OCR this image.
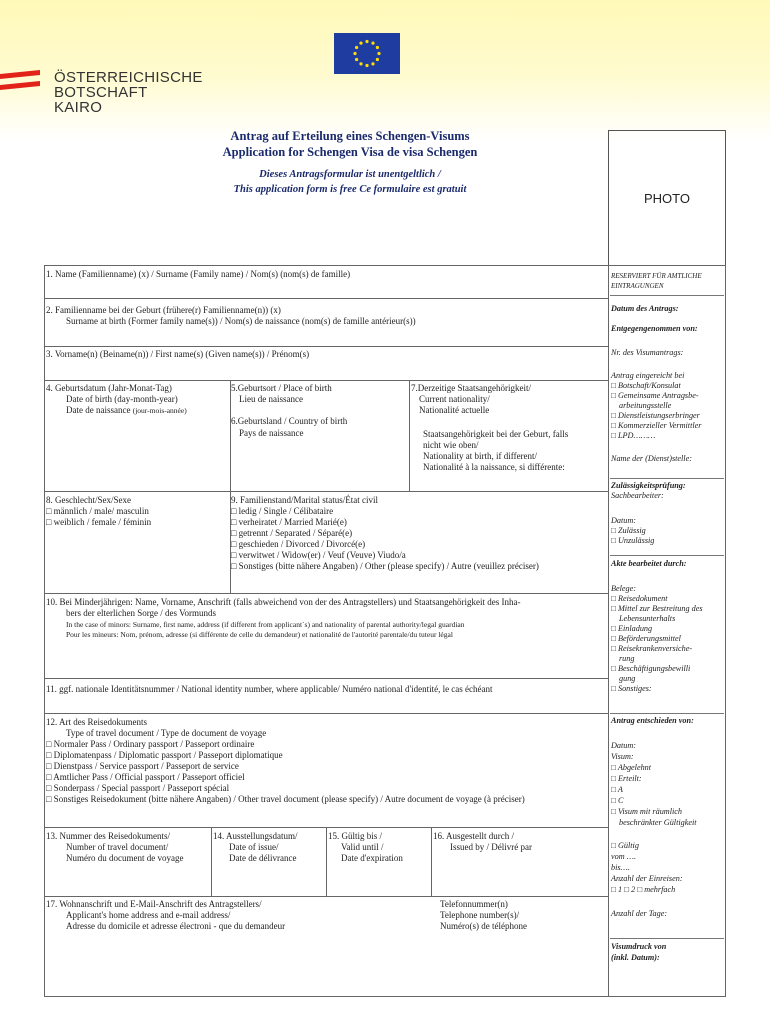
ÖSTERREICHISCHE
BOTSCHAFT
KAIRO
Antrag auf Erteilung eines Schengen-Visums
Application for Schengen Visa de visa Schengen
Dieses Antragsformular ist unentgeltlich /
This application form is free Ce formulaire est gratuit
PHOTO
1. Name (Familienname) (x) / Surname (Family name) / Nom(s) (nom(s) de famille)
2. Familienname bei der Geburt (frühere(r) Familienname(n)) (x)
Surname at birth (Former family name(s)) / Nom(s) de naissance (nom(s) de famille antérieur(s))
3. Vorname(n) (Beiname(n)) / First name(s) (Given name(s)) / Prénom(s)
4. Geburtsdatum (Jahr-Monat-Tag)
Date of birth (day-month-year)
Date de naissance (jour-mois-année)
5.Geburtsort / Place of birth
Lieu de naissance
6.Geburtsland / Country of birth
Pays de naissance
7.Derzeitige Staatsangehörigkeit/
Current nationality/
Nationalité actuelle
Staatsangehörigkeit bei der Geburt, falls
nicht wie oben/
Nationality at birth, if different/
Nationalité à la naissance, si différente:
8. Geschlecht/Sex/Sexe
□ männlich / male/ masculin
□ weiblich / female / féminin
9. Familienstand/Marital status/État civil
□ ledig / Single / Célibataire
□ verheiratet / Married Marié(e)
□ getrennt / Separated / Séparé(e)
□ geschieden / Divorced / Divorcé(e)
□ verwitwet / Widow(er) / Veuf (Veuve) Viudo/a
□ Sonstiges (bitte nähere Angaben) / Other (please specify) / Autre (veuillez préciser)
10. Bei Minderjährigen: Name, Vorname, Anschrift (falls abweichend von der des Antragstellers) und Staatsangehörigkeit des Inha-
bers der elterlichen Sorge / des Vormunds
In the case of minors: Surname, first name, address (if different from applicant´s) and nationality of parental authority/legal guardian
Pour les mineurs: Nom, prénom, adresse (si différente de celle du demandeur) et nationalité de l'autorité parentale/du tuteur légal
11. ggf. nationale Identitätsnummer / National identity number, where applicable/ Numéro national d'identité, le cas échéant
12. Art des Reisedokuments
Type of travel document / Type de document de voyage
□ Normaler Pass / Ordinary passport / Passeport ordinaire
□ Diplomatenpass / Diplomatic passport / Passeport diplomatique
□ Dienstpass / Service passport / Passeport de service
□ Amtlicher Pass / Official passport / Passeport officiel
□ Sonderpass / Special passport / Passeport spécial
□ Sonstiges Reisedokument (bitte nähere Angaben) / Other travel document (please specify) / Autre document de voyage (à préciser)
13. Nummer des Reisedokuments/
Number of travel document/
Numéro du document de voyage
14. Ausstellungsdatum/
Date of issue/
Date de délivrance
15. Gültig bis /
Valid until /
Date d'expiration
16. Ausgestellt durch /
Issued by / Délivré par
17. Wohnanschrift und E-Mail-Anschrift des Antragstellers/
Applicant's home address and e-mail address/
Adresse du domicile et adresse électroni - que du demandeur
Telefonnummer(n)
Telephone number(s)/
Numéro(s) de téléphone
RESERVIERT FÜR AMTLICHE
EINTRAGUNGEN
Datum des Antrags:
Entgegengenommen von:
Nr. des Visumantrags:
Antrag eingereicht bei
□ Botschaft/Konsulat
□ Gemeinsame Antragsbe-
arbeitungsstelle
□ Dienstleistungserbringer
□ Kommerzieller Vermittler
□ LPD………
Name der (Dienst)stelle:
Zulässigkeitsprüfung:
Sachbearbeiter:
Datum:
□ Zulässig
□ Unzulässig
Akte bearbeitet durch:
Belege:
□ Reisedokument
□ Mittel zur Bestreitung des
Lebensunterhalts
□ Einladung
□ Beförderungsmittel
□ Reisekrankenversiche-
rung
□ Beschäftigungsbewilli
gung
□ Sonstiges:
Antrag entschieden von:
Datum:
Visum:
□ Abgelehnt
□ Erteilt:
□ A
□ C
□ Visum mit räumlich
beschränkter Gültigkeit
□ Gültig
vom ….
bis….
Anzahl der Einreisen:
□ 1 □ 2 □ mehrfach
Anzahl der Tage:
Visumdruck von
(inkl. Datum):
